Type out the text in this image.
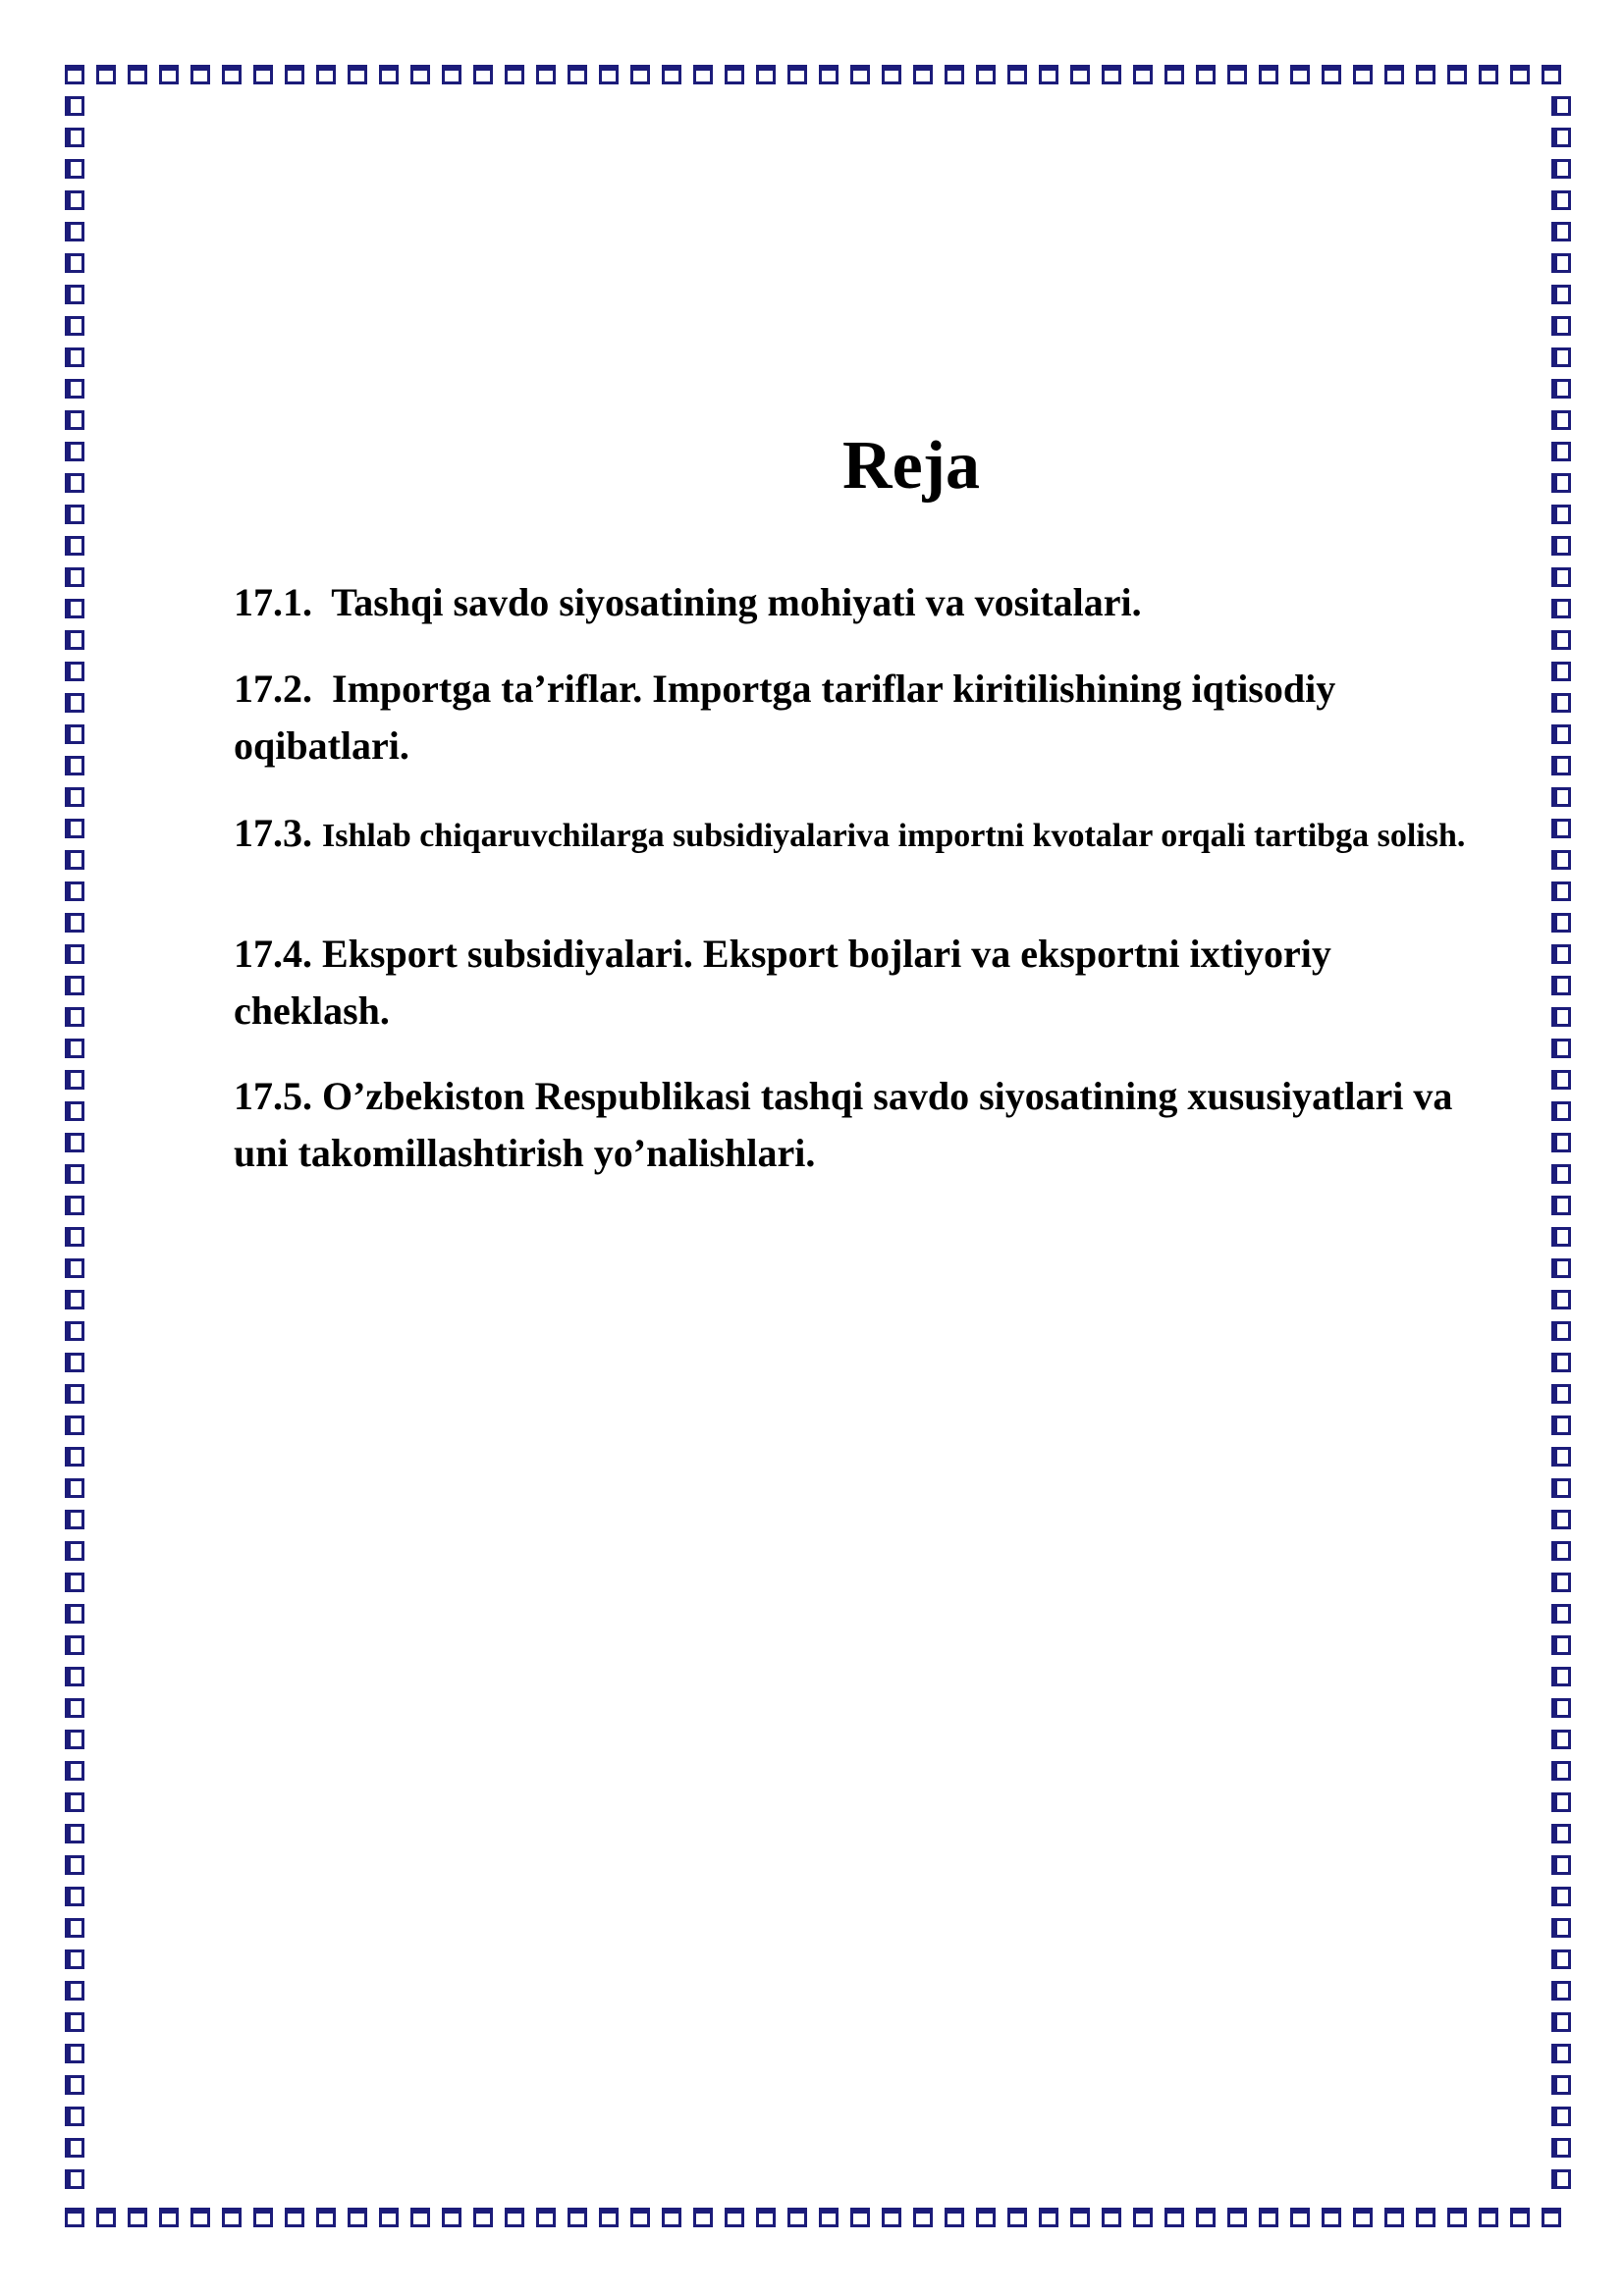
Reja
17.1. Tashqi savdo siyosatining mohiyati va vositalari.
17.2. Importga ta’riflar. Importga tariflar kiritilishining iqtisodiy oqibatlari.
17.3. Ishlab chiqaruvchilarga subsidiyalariva importni kvotalar orqali tartibga solish.
17.4. Eksport subsidiyalari. Eksport bojlari va eksportni ixtiyoriy cheklash.
17.5. O’zbekiston Respublikasi tashqi savdo siyosatining xususiyatlari va uni takomillashtirish yo’nalishlari.
